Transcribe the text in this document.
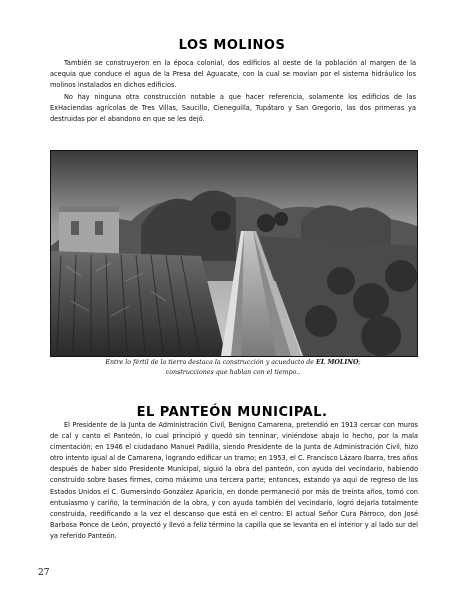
LOS MOLINOS

También se construyeron en la época colonial, dos edificios al oeste de la población al margen de la acequia que conduce el agua de la Presa del Aguacate, con la cual se movían por el sistema hidráulico los molinos instalados en dichos edificios.

No hay ninguna otra construcción notable a que hacer referencia, solamente los edificios de las ExHaciendas agrícolas de Tres Villas, Saucillo, Cieneguilla, Tupátaro y San Gregorio, las dos primeras ya destruidas por el abandono en que se les dejó.

Entre lo fértil de la tierra destaca la construcción y acueducto de EL MOLINO;
construcciones que hablan con el tiempo..

EL PANTEÓN MUNICIPAL.

El Presidente de la Junta de Administración Civil, Benigno Camarena, pretendió en 1913 cercar con muros de cal y canto el Panteón, lo cual principió y quedó sin tenninar, viniéndose abajo lo hecho, por la mala cimentación; en 1946 el ciudadano Manuel Padilla, siendo Presidente de la Junta de Administración Civil, hizo otro intento igual al de Camarena, logrando edificar un tramo; en 1953, el C. Francisco Lázaro Ibarra, tres años después de haber sido Presidente Municipal, siguió la obra del panteón, con ayuda del vecindario, habiendo construido sobre bases firmes, como máximo una tercera parte; entonces, estando ya aquí de regreso de los Estados Unidos el C. Gumersindo González Aparicio, en donde permaneció por más de treinta años, tomó con entusiasmo y cariño, la terminación de la obra, y con ayuda también del vecindario, logró dejarla totalmente construida, reedificando a la vez el descanso que está en el centro: El actual Señor Cura Párroco, don José Barbosa Ponce de León, proyectó y llevó a feliz término la capilla que se levanta en el interior y al lado sur del ya referido Panteón.

27
